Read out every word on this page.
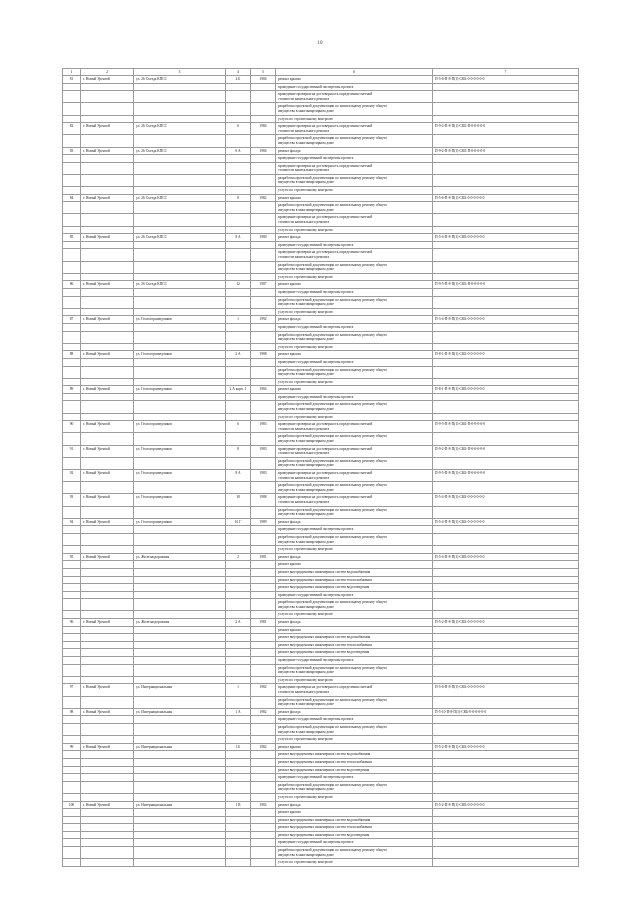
10
1	2	3	4	5	6	7
81	г. Новый Уренгой	ул. 26 Съезда КПСС	4 Б	1984	ремонт крыши	П-5-6-П-8-П(1)-СКБ-0-0-0-0-0-0
					проведение государственной экспертизы проекта	
					проведение проверки на достоверность определения сметной
стоимости капитального ремонта	
					разработка проектной документации по капитальному ремонту общего
имущества в многоквартирном доме	
					услуги по строительному контролю	
82	г. Новый Уренгой	ул. 26 Съезда КПСС	6	1984	проведение проверки на достоверность определения сметной
стоимости капитального ремонта	П-9-2-П-8-П(1)-СКБ-П-0-0-0-0-0
					разработка проектной документации по капитальному ремонту общего
имущества в многоквартирном доме	
83	г. Новый Уренгой	ул. 26 Съезда КПСС	6 А	1984	ремонт фасада	П-9-2-П-8-П(1)-СКБ-П-0-0-0-0-0
					проведение государственной экспертизы проекта	
					проведение проверки на достоверность определения сметной
стоимости капитального ремонта	
					разработка проектной документации по капитальному ремонту общего
имущества в многоквартирном доме	
					услуги по строительному контролю	
84	г. Новый Уренгой	ул. 26 Съезда КПСС	8	1982	ремонт крыши	П-5-6-П-8-П(1)-СКБ-0-0-0-0-0-0
					разработка проектной документации по капитальному ремонту общего
имущества в многоквартирном доме	
					проведение проверки на достоверность определения сметной
стоимости капитального ремонта	
					услуги по строительному контролю	
85	г. Новый Уренгой	ул. 26 Съезда КПСС	8 А	1980	ремонт фасада	П-5-6-П-8-П(1)-СКБ-0-0-0-0-0-0
					проведение государственной экспертизы проекта	
					проведение проверки на достоверность определения сметной
стоимости капитального ремонта	
					разработка проектной документации по капитальному ремонту общего
имущества в многоквартирном доме	
					услуги по строительному контролю	
86	г. Новый Уренгой	ул. 26 Съезда КПСС	12	1987	ремонт крыши	П-9-5-П-8-П(1)-СКБ-П-0-0-0-0-0
					проведение государственной экспертизы проекта	
					разработка проектной документации по капитальному ремонту общего
имущества в многоквартирном доме	
					услуги по строительному контролю	
87	г. Новый Уренгой	ул. Геологоразведчиков	1	1992	ремонт фасада	П-3-4-П-8-П(1)-СКБ-0-0-0-0-0-0
					проведение государственной экспертизы проекта	
					разработка проектной документации по капитальному ремонту общего
имущества в многоквартирном доме	
					услуги по строительному контролю	
88	г. Новый Уренгой	ул. Геологоразведчиков	2 А	1988	ремонт крыши	П-8-1-П-8-П(1)-СКБ-0-0-0-0-0-0
					проведение государственной экспертизы проекта	
					разработка проектной документации по капитальному ремонту общего
имущества в многоквартирном доме	
					услуги по строительному контролю	
89	г. Новый Уренгой	ул. Геологоразведчиков	2 А корп. 1	1984	ремонт крыши	П-8-1-П-8-П(1)-СКБ-0-0-0-0-0-0
					проведение государственной экспертизы проекта	
					разработка проектной документации по капитальному ремонту общего
имущества в многоквартирном доме	
					услуги по строительному контролю	
90	г. Новый Уренгой	ул. Геологоразведчиков	6	1983	проведение проверки на достоверность определения сметной
стоимости капитального ремонта	П-9-5-П-8-П(1)-СКБ-П-0-0-0-0-0
					разработка проектной документации по капитальному ремонту общего
имущества в многоквартирном доме	
91	г. Новый Уренгой	ул. Геологоразведчиков	8	1983	проведение проверки на достоверность определения сметной
стоимости капитального ремонта	П-9-2-П-8-П(1)-СКБ-П-0-0-0-0-0
					разработка проектной документации по капитальному ремонту общего
имущества в многоквартирном доме	
92	г. Новый Уренгой	ул. Геологоразведчиков	8 А	1983	проведение проверки на достоверность определения сметной
стоимости капитального ремонта	П-9-5-П-8-П(1)-СКБ-П-0-0-0-0-0
					разработка проектной документации по капитальному ремонту общего
имущества в многоквартирном доме	
93	г. Новый Уренгой	ул. Геологоразведчиков	18	1988	проведение проверки на достоверность определения сметной
стоимости капитального ремонта	П-5-4-П-8-П(1)-СКБ-0-0-0-0-0-0
					разработка проектной документации по капитальному ремонту общего
имущества в многоквартирном доме	
94	г. Новый Уренгой	ул. Геологоразведчиков	16 Г	1989	ремонт фасада	П-5-4-П-8-П(1)-СКБ-0-0-0-0-0-0
					проведение государственной экспертизы проекта	
					разработка проектной документации по капитальному ремонту общего
имущества в многоквартирном доме	
					услуги по строительному контролю	
95	г. Новый Уренгой	ул. Железнодорожная	2	1981	ремонт фасада	П-5-6-П-8-П(1)-СКБ-0-0-0-0-0-0
					ремонт крыши	
					ремонт внутридомовых инженерных систем водоснабжения	
					ремонт внутридомовых инженерных систем теплоснабжения	
					ремонт внутридомовых инженерных систем водоотведения	
					проведение государственной экспертизы проекта	
					разработка проектной документации по капитальному ремонту общего
имущества в многоквартирном доме	
					услуги по строительному контролю	
96	г. Новый Уренгой	ул. Железнодорожная	2 А	1981	ремонт фасада	П-5-2-П-8-П(1)-СКБ-0-0-0-0-0-0
					ремонт крыши	
					ремонт внутридомовых инженерных систем водоснабжения	
					ремонт внутридомовых инженерных систем теплоснабжения	
					ремонт внутридомовых инженерных систем водоотведения	
					проведение государственной экспертизы проекта	
					разработка проектной документации по капитальному ремонту общего
имущества в многоквартирном доме	
					услуги по строительному контролю	
97	г. Новый Уренгой	ул. Интернациональная	1	1982	проведение проверки на достоверность определения сметной
стоимости капитального ремонта	П-5-6-П-8-П(1)-СКБ-0-0-0-0-0-0
					разработка проектной документации по капитальному ремонту общего
имущества в многоквартирном доме	
98	г. Новый Уренгой	ул. Интернациональная	1 А	1982	ремонт фасада	П-5-10-П-8-П(1)-СКБ-0-0-0-0-0-0
					проведение государственной экспертизы проекта	
					разработка проектной документации по капитальному ремонту общего
имущества в многоквартирном доме	
					услуги по строительному контролю	
99	г. Новый Уренгой	ул. Интернациональная	1 Б	1982	ремонт крыши	П-5-2-П-8-П(1)-СКБ-0-0-0-0-0-0
					ремонт внутридомовых инженерных систем водоснабжения	
					ремонт внутридомовых инженерных систем теплоснабжения	
					ремонт внутридомовых инженерных систем водоотведения	
					проведение государственной экспертизы проекта	
					разработка проектной документации по капитальному ремонту общего
имущества в многоквартирном доме	
					услуги по строительному контролю	
100	г. Новый Уренгой	ул. Интернациональная	1 В	1982	ремонт фасада	П-5-2-П-8-П(1)-СКБ-0-0-0-0-0-0
					ремонт крыши	
					ремонт внутридомовых инженерных систем водоснабжения	
					ремонт внутридомовых инженерных систем теплоснабжения	
					ремонт внутридомовых инженерных систем водоотведения	
					проведение государственной экспертизы проекта	
					разработка проектной документации по капитальному ремонту общего
имущества в многоквартирном доме	
					услуги по строительному контролю	
